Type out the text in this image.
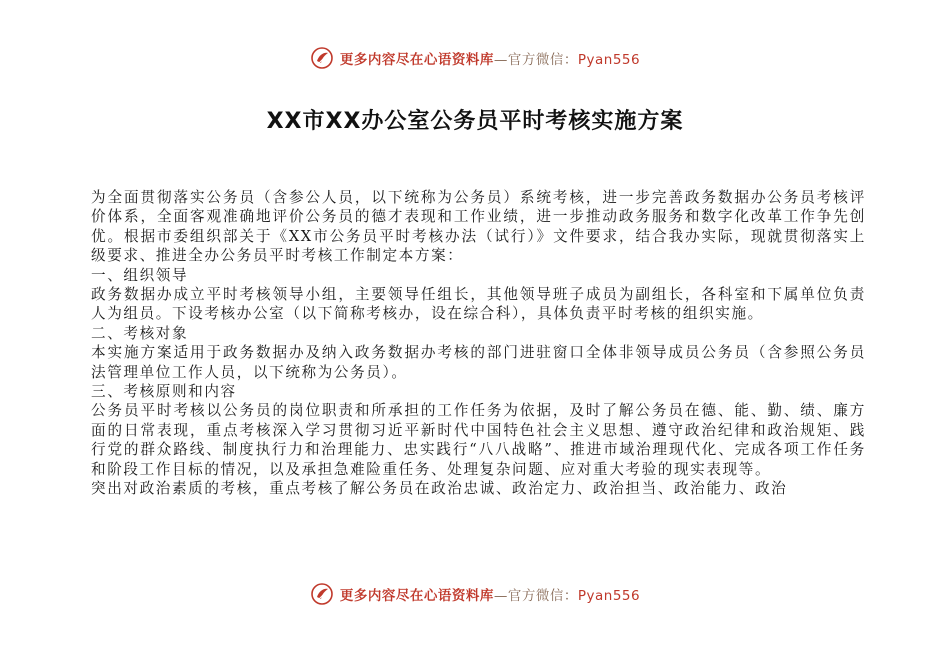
更多内容尽在心语资料库—官方微信：Pyan556
XX市XX办公室公务员平时考核实施方案

为全面贯彻落实公务员（含参公人员，以下统称为公务员）系统考核，进一步完善政务数据办公务员考核评价体系，全面客观准确地评价公务员的德才表现和工作业绩，进一步推动政务服务和数字化改革工作争先创优。根据市委组织部关于《XX市公务员平时考核办法（试行）》文件要求，结合我办实际，现就贯彻落实上级要求、推进全办公务员平时考核工作制定本方案：

一、组织领导

政务数据办成立平时考核领导小组，主要领导任组长，其他领导班子成员为副组长，各科室和下属单位负责人为组员。下设考核办公室（以下简称考核办，设在综合科），具体负责平时考核的组织实施。

二、考核对象

本实施方案适用于政务数据办及纳入政务数据办考核的部门进驻窗口全体非领导成员公务员（含参照公务员法管理单位工作人员，以下统称为公务员）。

三、考核原则和内容

公务员平时考核以公务员的岗位职责和所承担的工作任务为依据，及时了解公务员在德、能、勤、绩、廉方面的日常表现，重点考核深入学习贯彻习近平新时代中国特色社会主义思想、遵守政治纪律和政治规矩、践行党的群众路线、制度执行力和治理能力、忠实践行“八八战略”、推进市域治理现代化、完成各项工作任务和阶段工作目标的情况，以及承担急难险重任务、处理复杂问题、应对重大考验的现实表现等。

突出对政治素质的考核，重点考核了解公务员在政治忠诚、政治定力、政治担当、政治能力、政治

更多内容尽在心语资料库—官方微信：Pyan556
